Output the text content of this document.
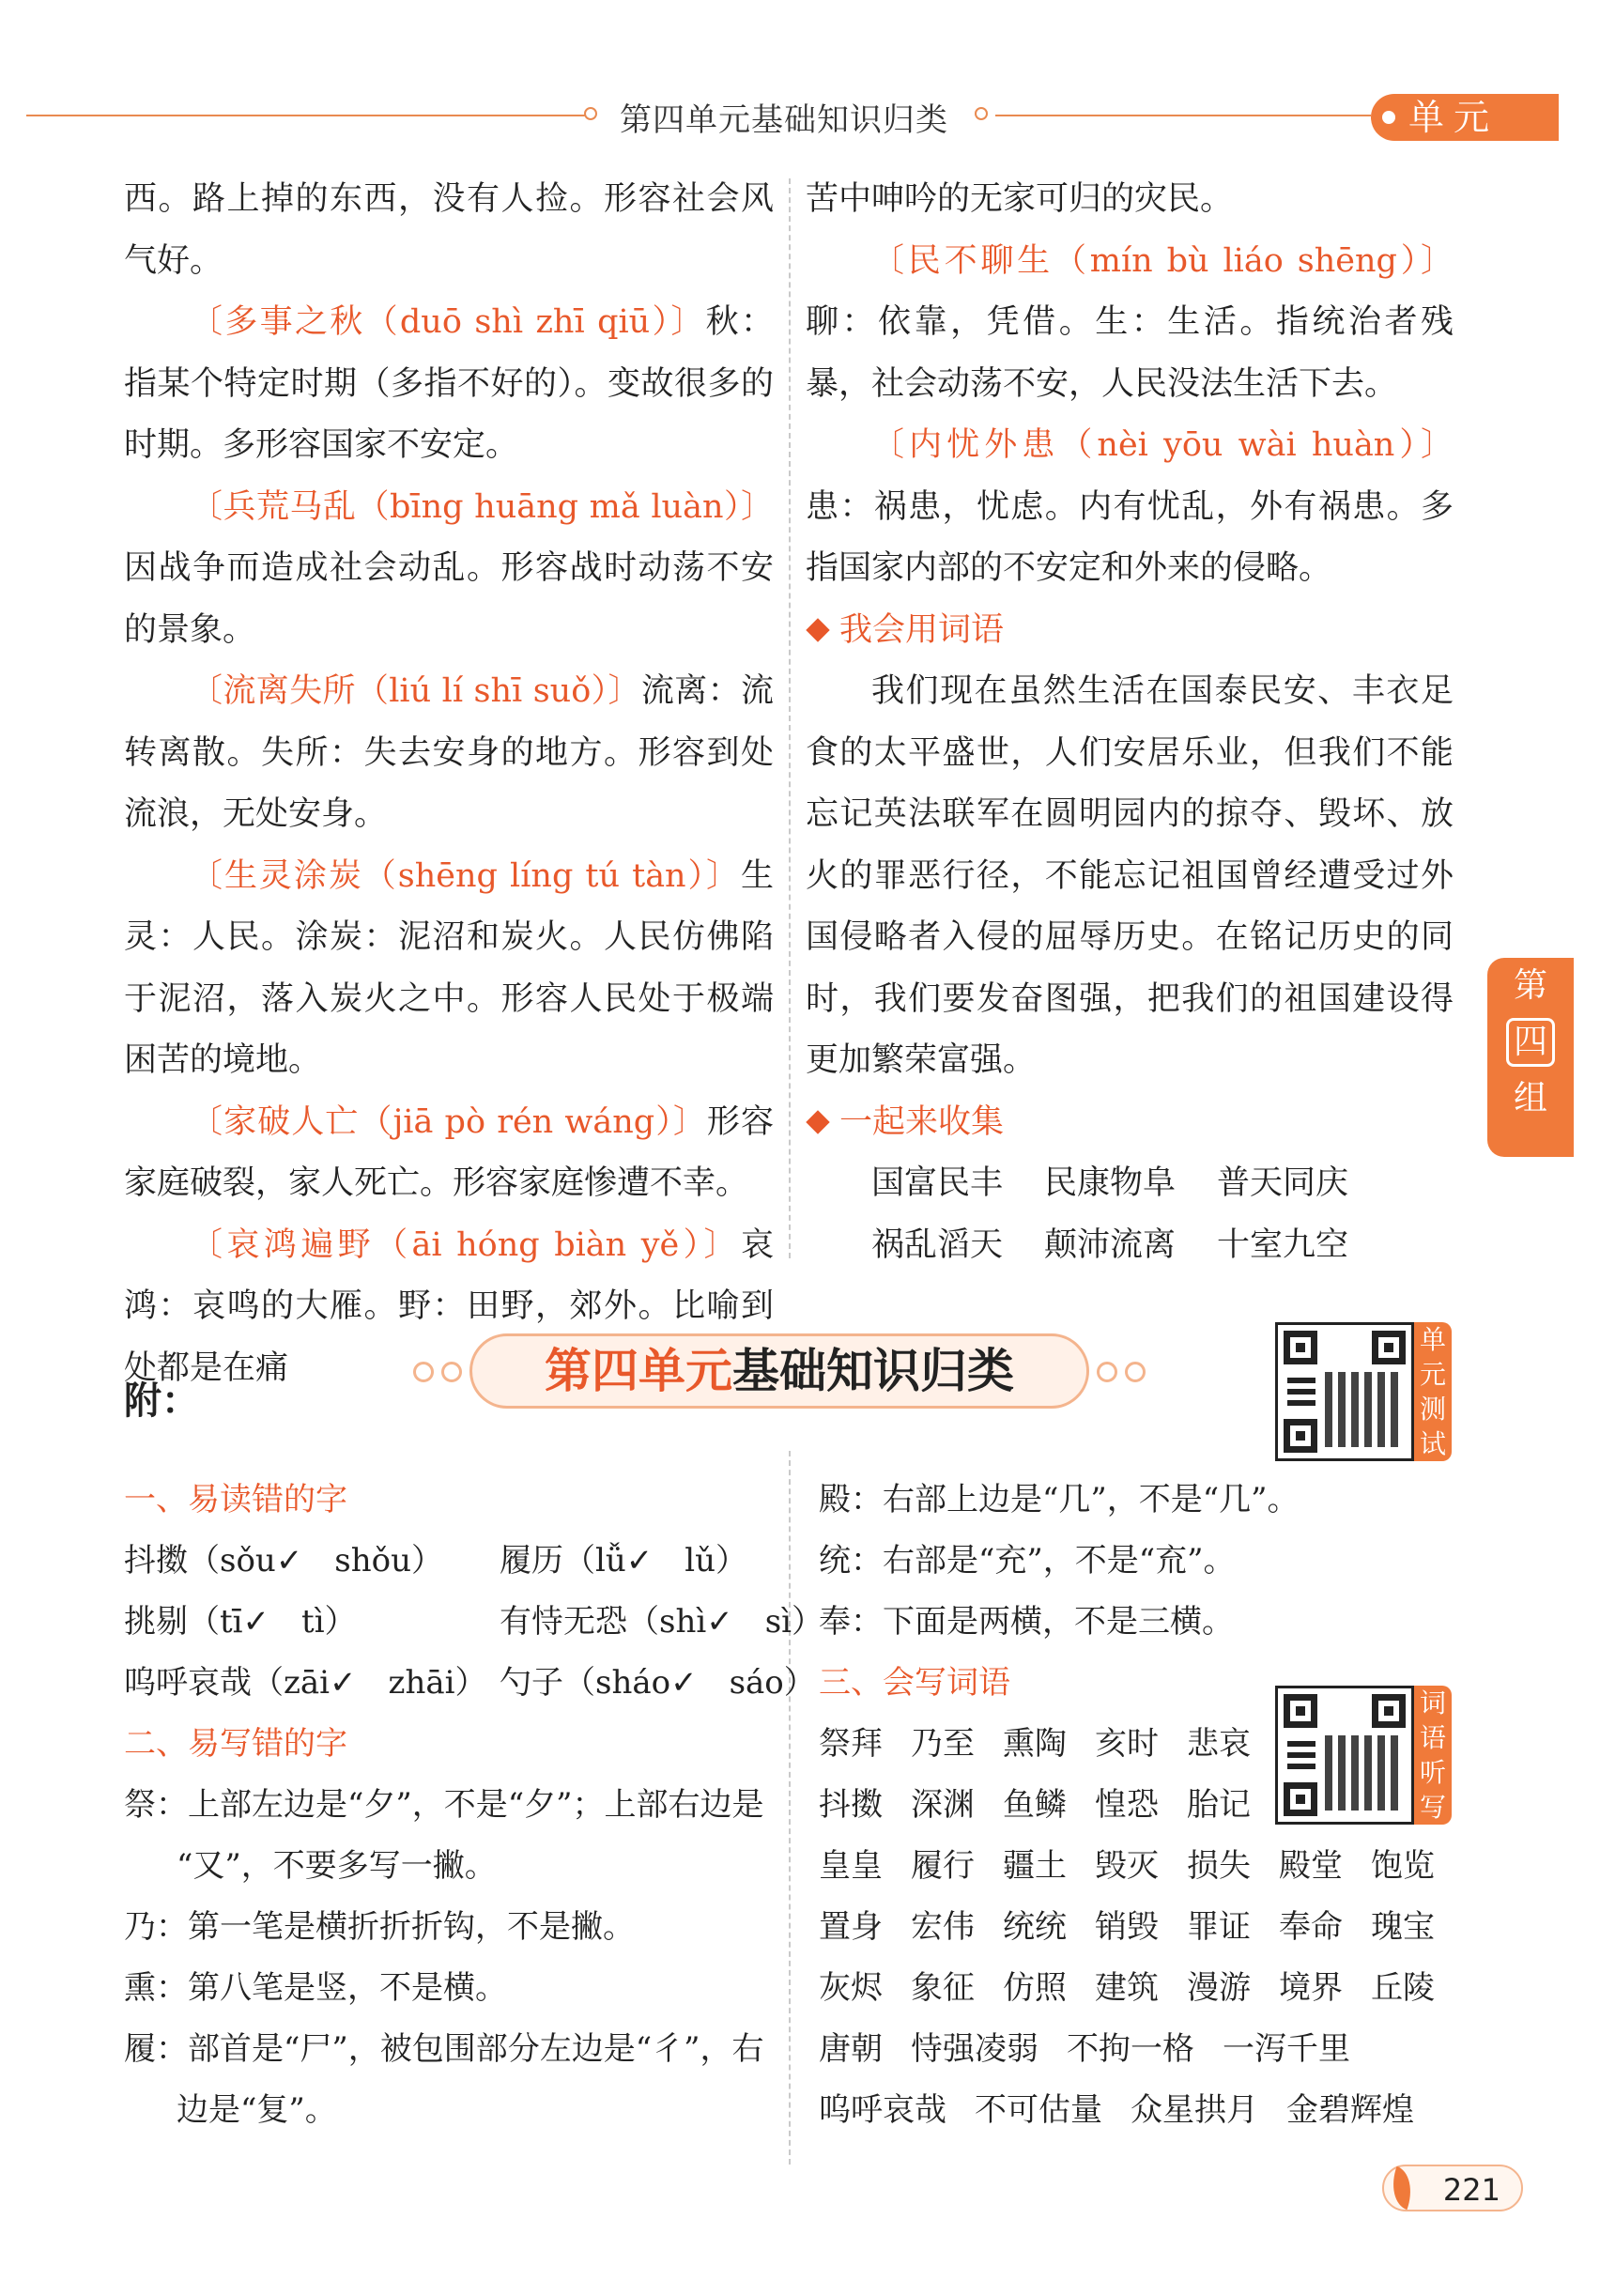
第四单元基础知识归类	单元

西。路上掉的东西，没有人捡。形容社会风气好。

〔多事之秋（duō shì zhī qiū）〕秋：指某个特定时期（多指不好的）。变故很多的时期。多形容国家不安定。

〔兵荒马乱（bīng huāng mǎ luàn）〕因战争而造成社会动乱。形容战时动荡不安的景象。

〔流离失所（liú lí shī suǒ）〕流离：流转离散。失所：失去安身的地方。形容到处流浪，无处安身。

〔生灵涂炭（shēng líng tú tàn）〕生灵：人民。涂炭：泥沼和炭火。人民仿佛陷于泥沼，落入炭火之中。形容人民处于极端困苦的境地。

〔家破人亡（jiā pò rén wáng）〕形容家庭破裂，家人死亡。形容家庭惨遭不幸。

〔哀鸿遍野（āi hóng biàn yě）〕哀鸿：哀鸣的大雁。野：田野，郊外。比喻到处都是在痛

苦中呻吟的无家可归的灾民。

〔民不聊生（mín bù liáo shēng）〕聊：依靠，凭借。生：生活。指统治者残暴，社会动荡不安，人民没法生活下去。

〔内忧外患（nèi yōu wài huàn）〕患：祸患，忧虑。内有忧乱，外有祸患。多指国家内部的不安定和外来的侵略。

我会用词语

我们现在虽然生活在国泰民安、丰衣足食的太平盛世，人们安居乐业，但我们不能忘记英法联军在圆明园内的掠夺、毁坏、放火的罪恶行径，不能忘记祖国曾经遭受过外国侵略者入侵的屈辱历史。在铭记历史的同时，我们要发奋图强，把我们的祖国建设得更加繁荣富强。

一起来收集

国富民丰 民康物阜 普天同庆

祸乱滔天 颠沛流离 十室九空

第
四
组
附：
第四单元基础知识归类
单
元
测
试
词
语
听
写

一、易读错的字

抖擞（sǒu✓　shǒu） 履历（lǚ✓　lǔ）

挑剔（tī✓　tì）	有恃无恐（shì✓　sì）

呜呼哀哉（zāi✓　zhāi） 勺子（sháo✓　sáo）

二、易写错的字

祭：上部左边是“夕”，不是“夕”；上部右边是

“又”，不要多写一撇。

乃：第一笔是横折折折钩，不是撇。

熏：第八笔是竖，不是横。

履：部首是“尸”，被包围部分左边是“彳”，右

边是“复”。

殿：右部上边是“几”，不是“几”。

统：右部是“充”，不是“㐬”。

奉：下面是两横，不是三横。

三、会写词语

祭拜 乃至 熏陶 亥时 悲哀

抖擞 深渊 鱼鳞 惶恐 胎记

皇皇 履行 疆土 毁灭 损失 殿堂 饱览

置身 宏伟 统统 销毁 罪证 奉命 瑰宝

灰烬 象征 仿照 建筑 漫游 境界 丘陵

唐朝 恃强凌弱 不拘一格 一泻千里

呜呼哀哉 不可估量 众星拱月 金碧辉煌

221
